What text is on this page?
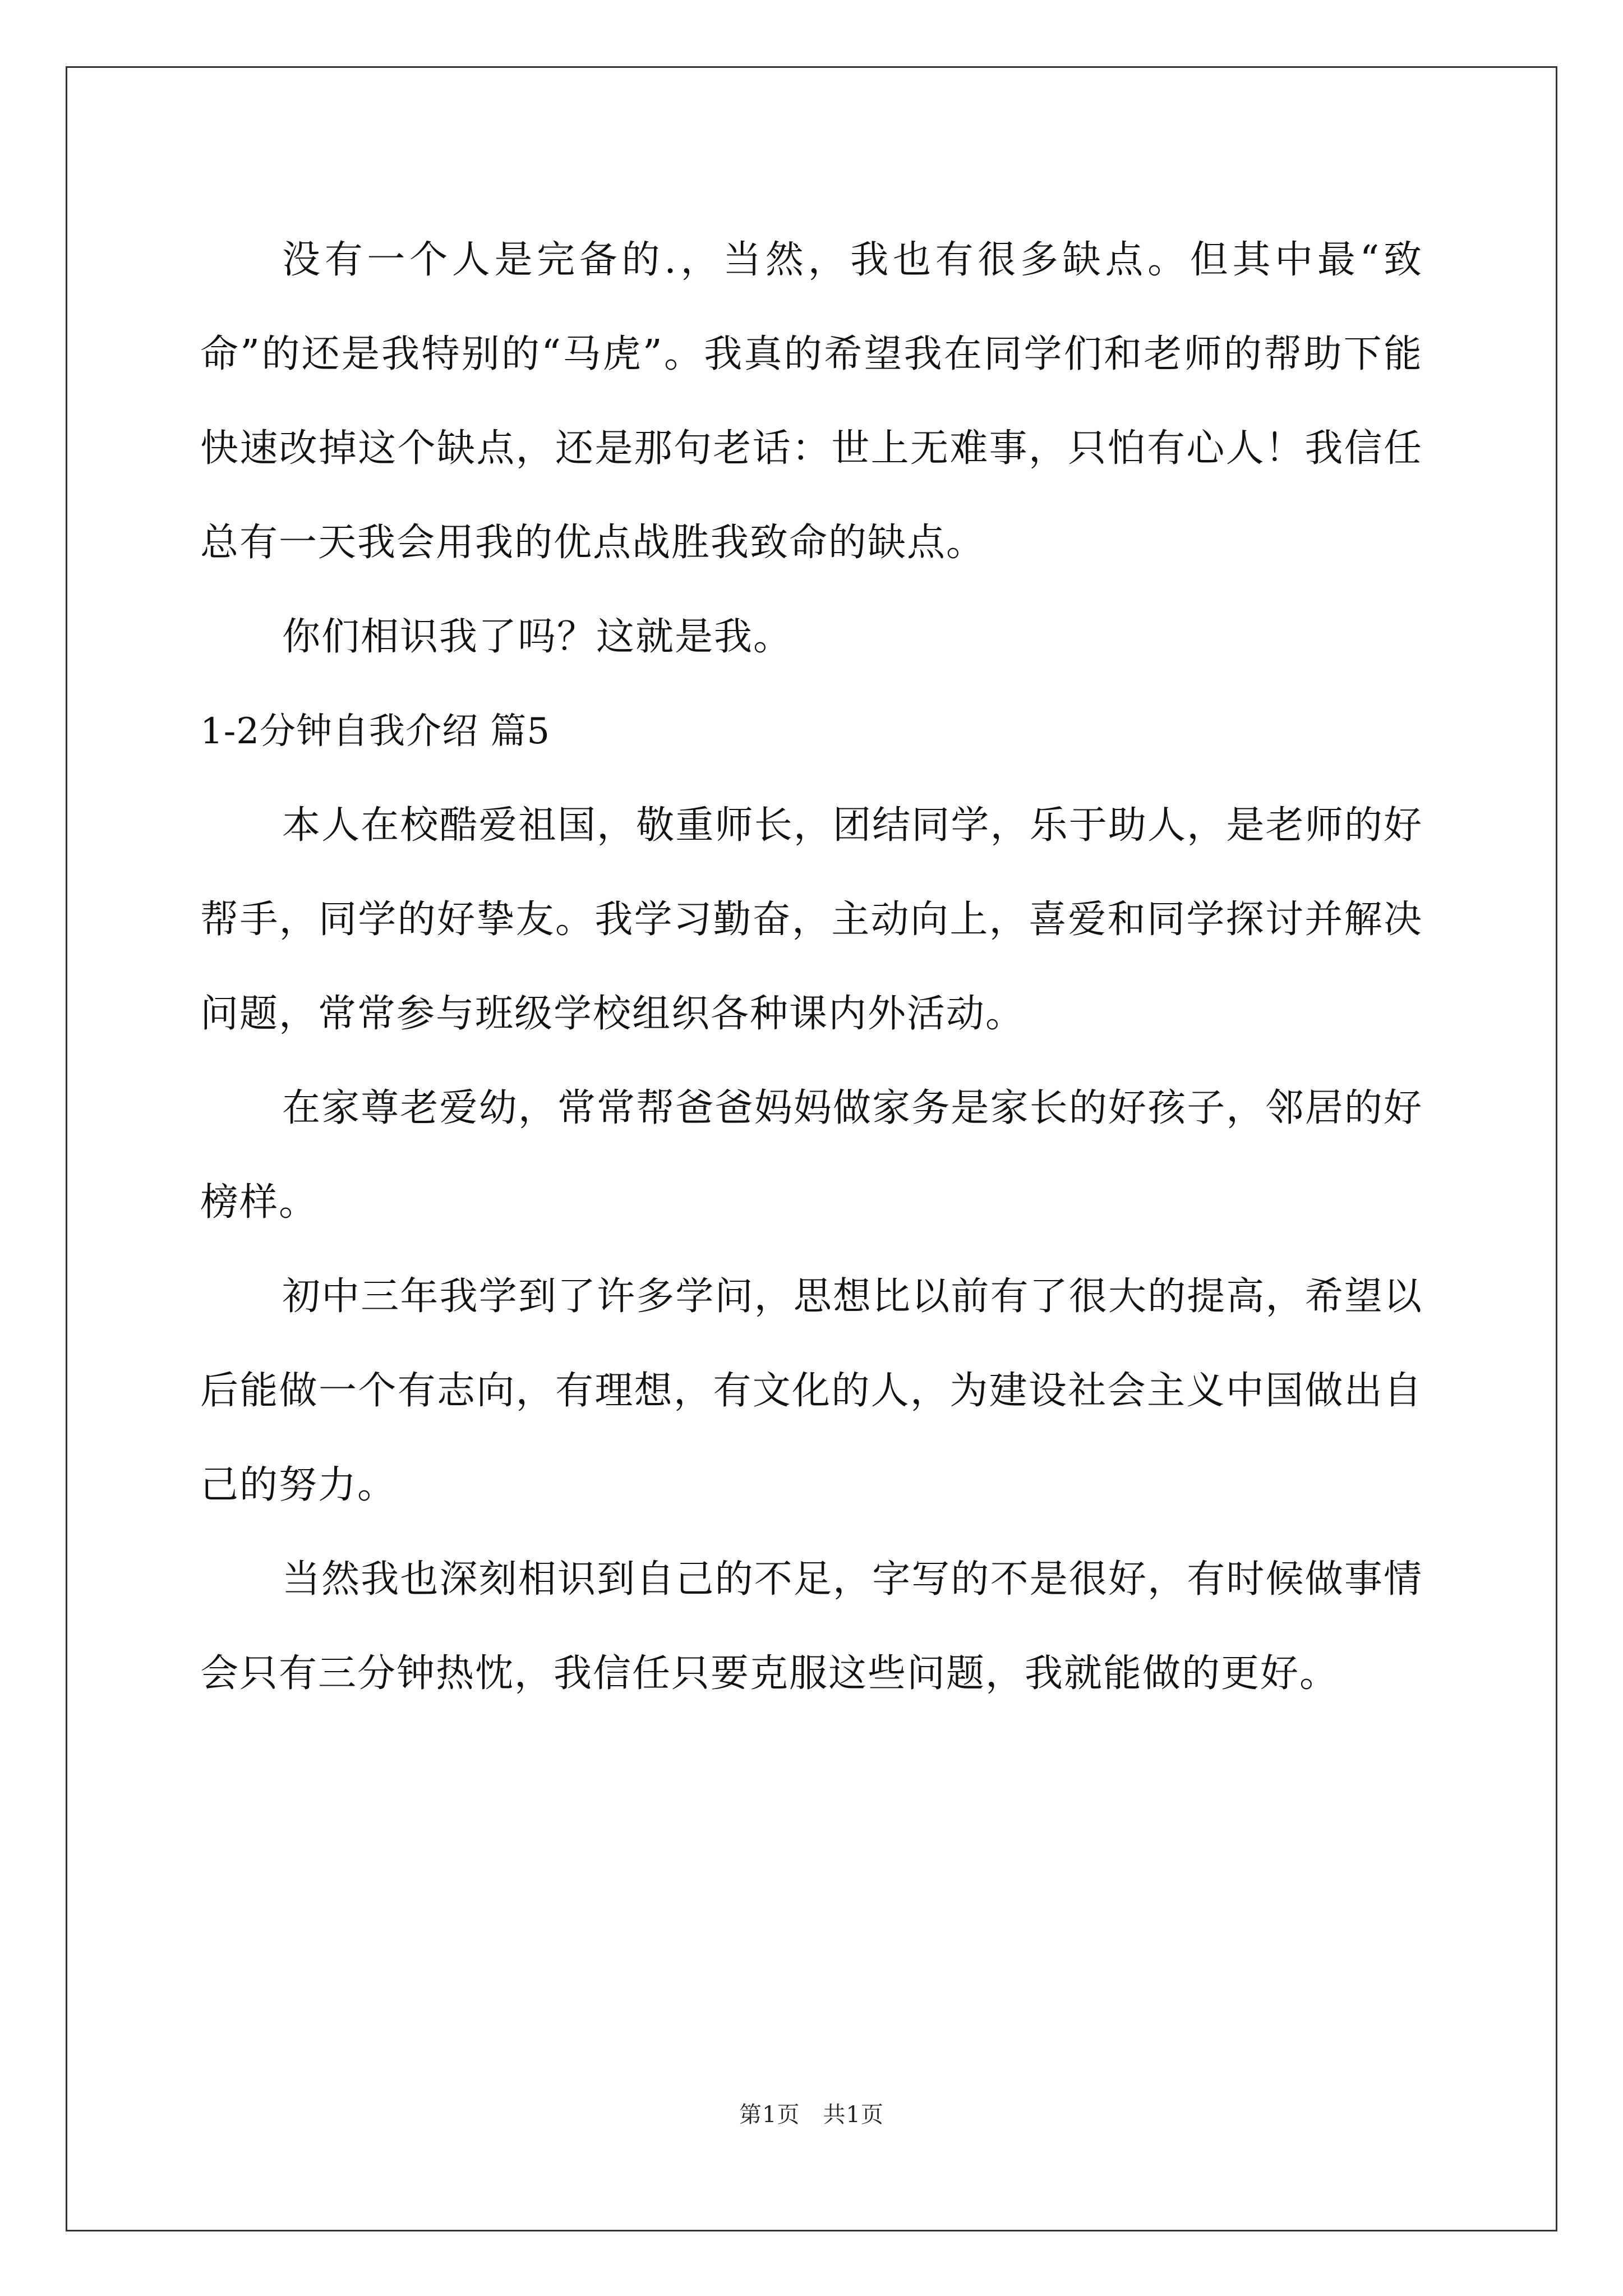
没有一个人是完备的.，当然，我也有很多缺点。但其中最“致命”的还是我特别的“马虎”。我真的希望我在同学们和老师的帮助下能快速改掉这个缺点，还是那句老话：世上无难事，只怕有心人！我信任总有一天我会用我的优点战胜我致命的缺点。

你们相识我了吗？这就是我。

1-2分钟自我介绍 篇5

本人在校酷爱祖国，敬重师长，团结同学，乐于助人，是老师的好帮手，同学的好挚友。我学习勤奋，主动向上，喜爱和同学探讨并解决问题，常常参与班级学校组织各种课内外活动。

在家尊老爱幼，常常帮爸爸妈妈做家务是家长的好孩子，邻居的好榜样。

初中三年我学到了许多学问，思想比以前有了很大的提高，希望以后能做一个有志向，有理想，有文化的人，为建设社会主义中国做出自己的努力。

当然我也深刻相识到自己的不足，字写的不是很好，有时候做事情会只有三分钟热忱，我信任只要克服这些问题，我就能做的更好。

第1页　共1页
